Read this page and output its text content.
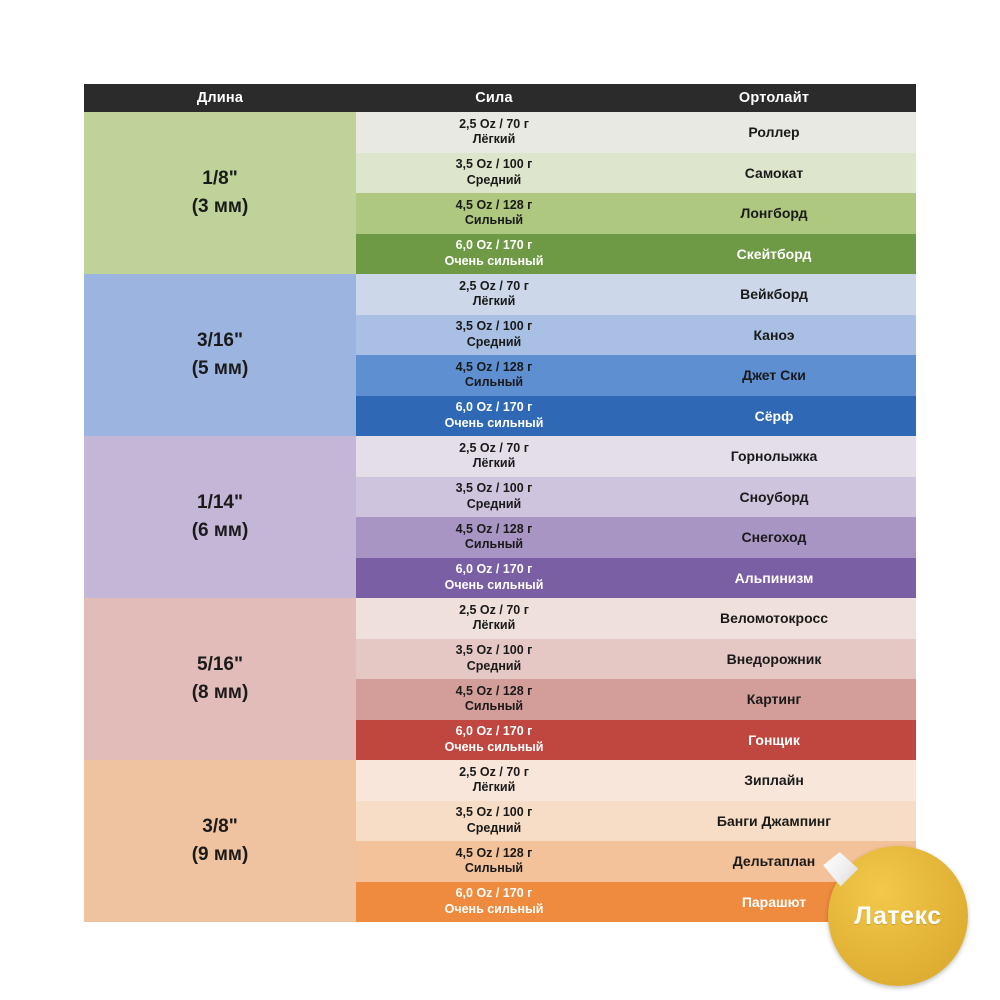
Длина	Сила	Ортолайт

1/8"
(3 мм)

2,5 Oz / 70 г
Лёгкий	Роллер

	3,5 Oz / 100 г
Средний	Самокат

	4,5 Oz / 128 г
Сильный	Лонгборд

	6,0 Oz / 170 г
Очень сильный	Скейтборд

3/16"
(5 мм)

2,5 Oz / 70 г
Лёгкий	Вейкборд

	3,5 Oz / 100 г
Средний	Каноэ

	4,5 Oz / 128 г
Сильный	Джет Ски

	6,0 Oz / 170 г
Очень сильный	Сёрф

1/14"
(6 мм)

2,5 Oz / 70 г
Лёгкий	Горнолыжка

	3,5 Oz / 100 г
Средний	Сноуборд

	4,5 Oz / 128 г
Сильный	Снегоход

	6,0 Oz / 170 г
Очень сильный	Альпинизм

5/16"
(8 мм)

2,5 Oz / 70 г
Лёгкий	Веломотокросс

	3,5 Oz / 100 г
Средний	Внедорожник

	4,5 Oz / 128 г
Сильный	Картинг

	6,0 Oz / 170 г
Очень сильный	Гонщик

3/8"
(9 мм)

2,5 Oz / 70 г
Лёгкий	Зиплайн

	3,5 Oz / 100 г
Средний	Банги Джампинг

	4,5 Oz / 128 г
Сильный	Дельтаплан

	6,0 Oz / 170 г
Очень сильный	Парашют Латекс
